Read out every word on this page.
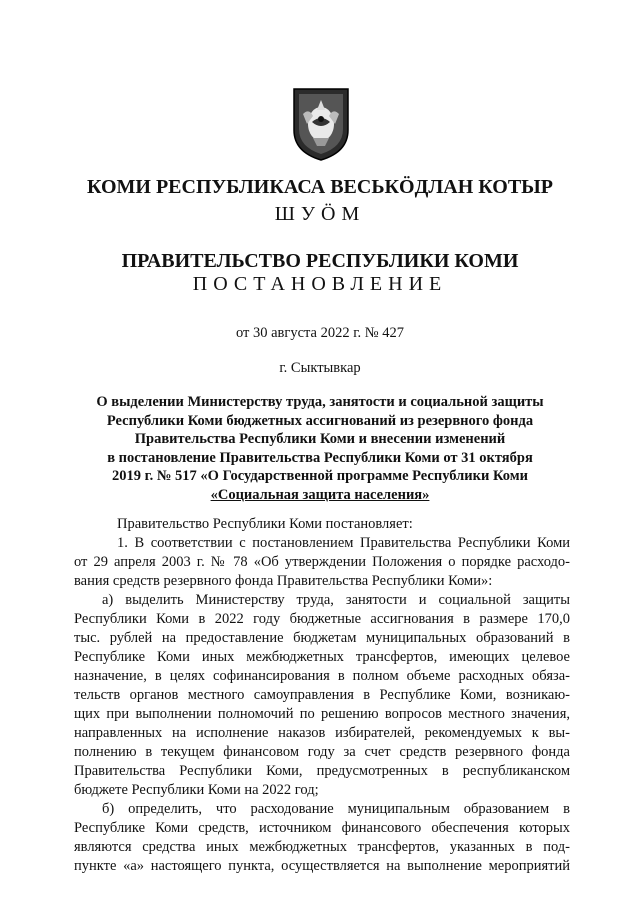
КОМИ РЕСПУБЛИКАСА ВЕСЬКӦДЛАН КОТЫР
ШУӦМ
ПРАВИТЕЛЬСТВО РЕСПУБЛИКИ КОМИ
ПОСТАНОВЛЕНИЕ
от 30 августа 2022 г. № 427
г. Сыктывкар
О выделении Министерству труда, занятости и социальной защиты
Республики Коми бюджетных ассигнований из резервного фонда
Правительства Республики Коми и внесении изменений
в постановление Правительства Республики Коми от 31 октября
2019 г. № 517 «О Государственной программе Республики Коми
«Социальная защита населения»
Правительство Республики Коми постановляет:
1. В соответствии с постановлением Правительства Республики Коми
от 29 апреля 2003 г. № 78 «Об утверждении Положения о порядке расходо-
вания средств резервного фонда Правительства Республики Коми»:
а) выделить Министерству труда, занятости и социальной защиты
Республики Коми в 2022 году бюджетные ассигнования в размере 170,0
тыс. рублей на предоставление бюджетам муниципальных образований в
Республике Коми иных межбюджетных трансфертов, имеющих целевое
назначение, в целях софинансирования в полном объеме расходных обяза-
тельств органов местного самоуправления в Республике Коми, возникаю-
щих при выполнении полномочий по решению вопросов местного значения,
направленных на исполнение наказов избирателей, рекомендуемых к вы-
полнению в текущем финансовом году за счет средств резервного фонда
Правительства Республики Коми, предусмотренных в республиканском
бюджете Республики Коми на 2022 год;
б) определить, что расходование муниципальным образованием в
Республике Коми средств, источником финансового обеспечения которых
являются средства иных межбюджетных трансфертов, указанных в под-
пункте «а» настоящего пункта, осуществляется на выполнение мероприятий
